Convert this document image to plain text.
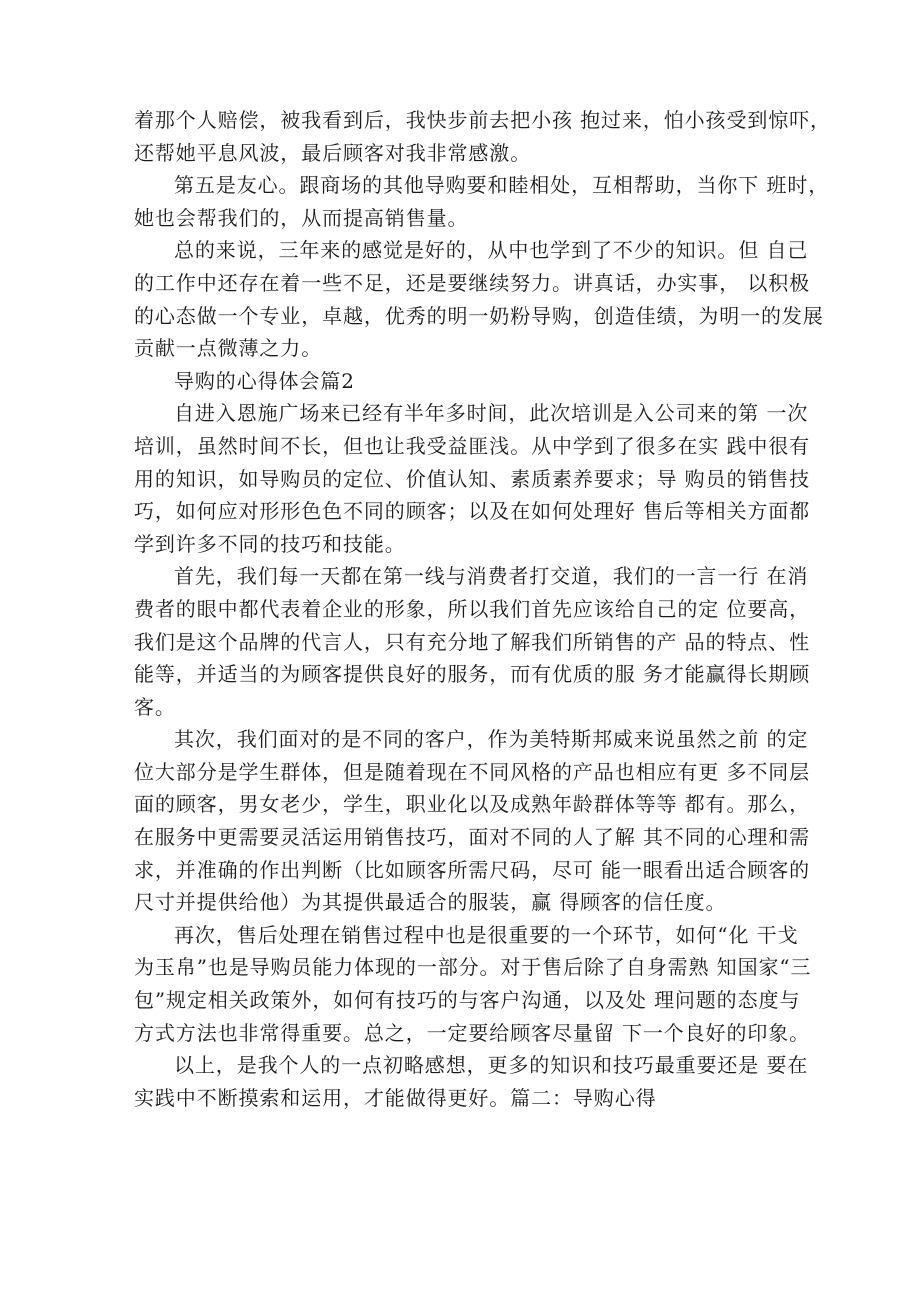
着那个人赔偿，被我看到后，我快步前去把小孩 抱过来，怕小孩受到惊吓，
还帮她平息风波，最后顾客对我非常感激。
第五是友心。跟商场的其他导购要和睦相处，互相帮助，当你下 班时，
她也会帮我们的，从而提高销售量。
总的来说，三年来的感觉是好的，从中也学到了不少的知识。但 自己
的工作中还存在着一些不足，还是要继续努力。讲真话，办实事， 以积极
的心态做一个专业，卓越，优秀的明一奶粉导购，创造佳绩，为明一的发展
贡献一点微薄之力。
导购的心得体会篇2
自进入恩施广场来已经有半年多时间，此次培训是入公司来的第 一次
培训，虽然时间不长，但也让我受益匪浅。从中学到了很多在实 践中很有
用的知识，如导购员的定位、价值认知、素质素养要求；导 购员的销售技
巧，如何应对形形色色不同的顾客；以及在如何处理好 售后等相关方面都
学到许多不同的技巧和技能。
首先，我们每一天都在第一线与消费者打交道，我们的一言一行 在消
费者的眼中都代表着企业的形象，所以我们首先应该给自己的定 位要高，
我们是这个品牌的代言人，只有充分地了解我们所销售的产 品的特点、性
能等，并适当的为顾客提供良好的服务，而有优质的服 务才能赢得长期顾
客。
其次，我们面对的是不同的客户，作为美特斯邦威来说虽然之前 的定
位大部分是学生群体，但是随着现在不同风格的产品也相应有更 多不同层
面的顾客，男女老少，学生，职业化以及成熟年龄群体等等 都有。那么，
在服务中更需要灵活运用销售技巧，面对不同的人了解 其不同的心理和需
求，并准确的作出判断（比如顾客所需尺码，尽可 能一眼看出适合顾客的
尺寸并提供给他）为其提供最适合的服装，赢 得顾客的信任度。
再次，售后处理在销售过程中也是很重要的一个环节，如何“化 干戈
为玉帛”也是导购员能力体现的一部分。对于售后除了自身需熟 知国家“三
包”规定相关政策外，如何有技巧的与客户沟通，以及处 理问题的态度与
方式方法也非常得重要。总之，一定要给顾客尽量留 下一个良好的印象。
以上，是我个人的一点初略感想，更多的知识和技巧最重要还是 要在
实践中不断摸索和运用，才能做得更好。篇二：导购心得
